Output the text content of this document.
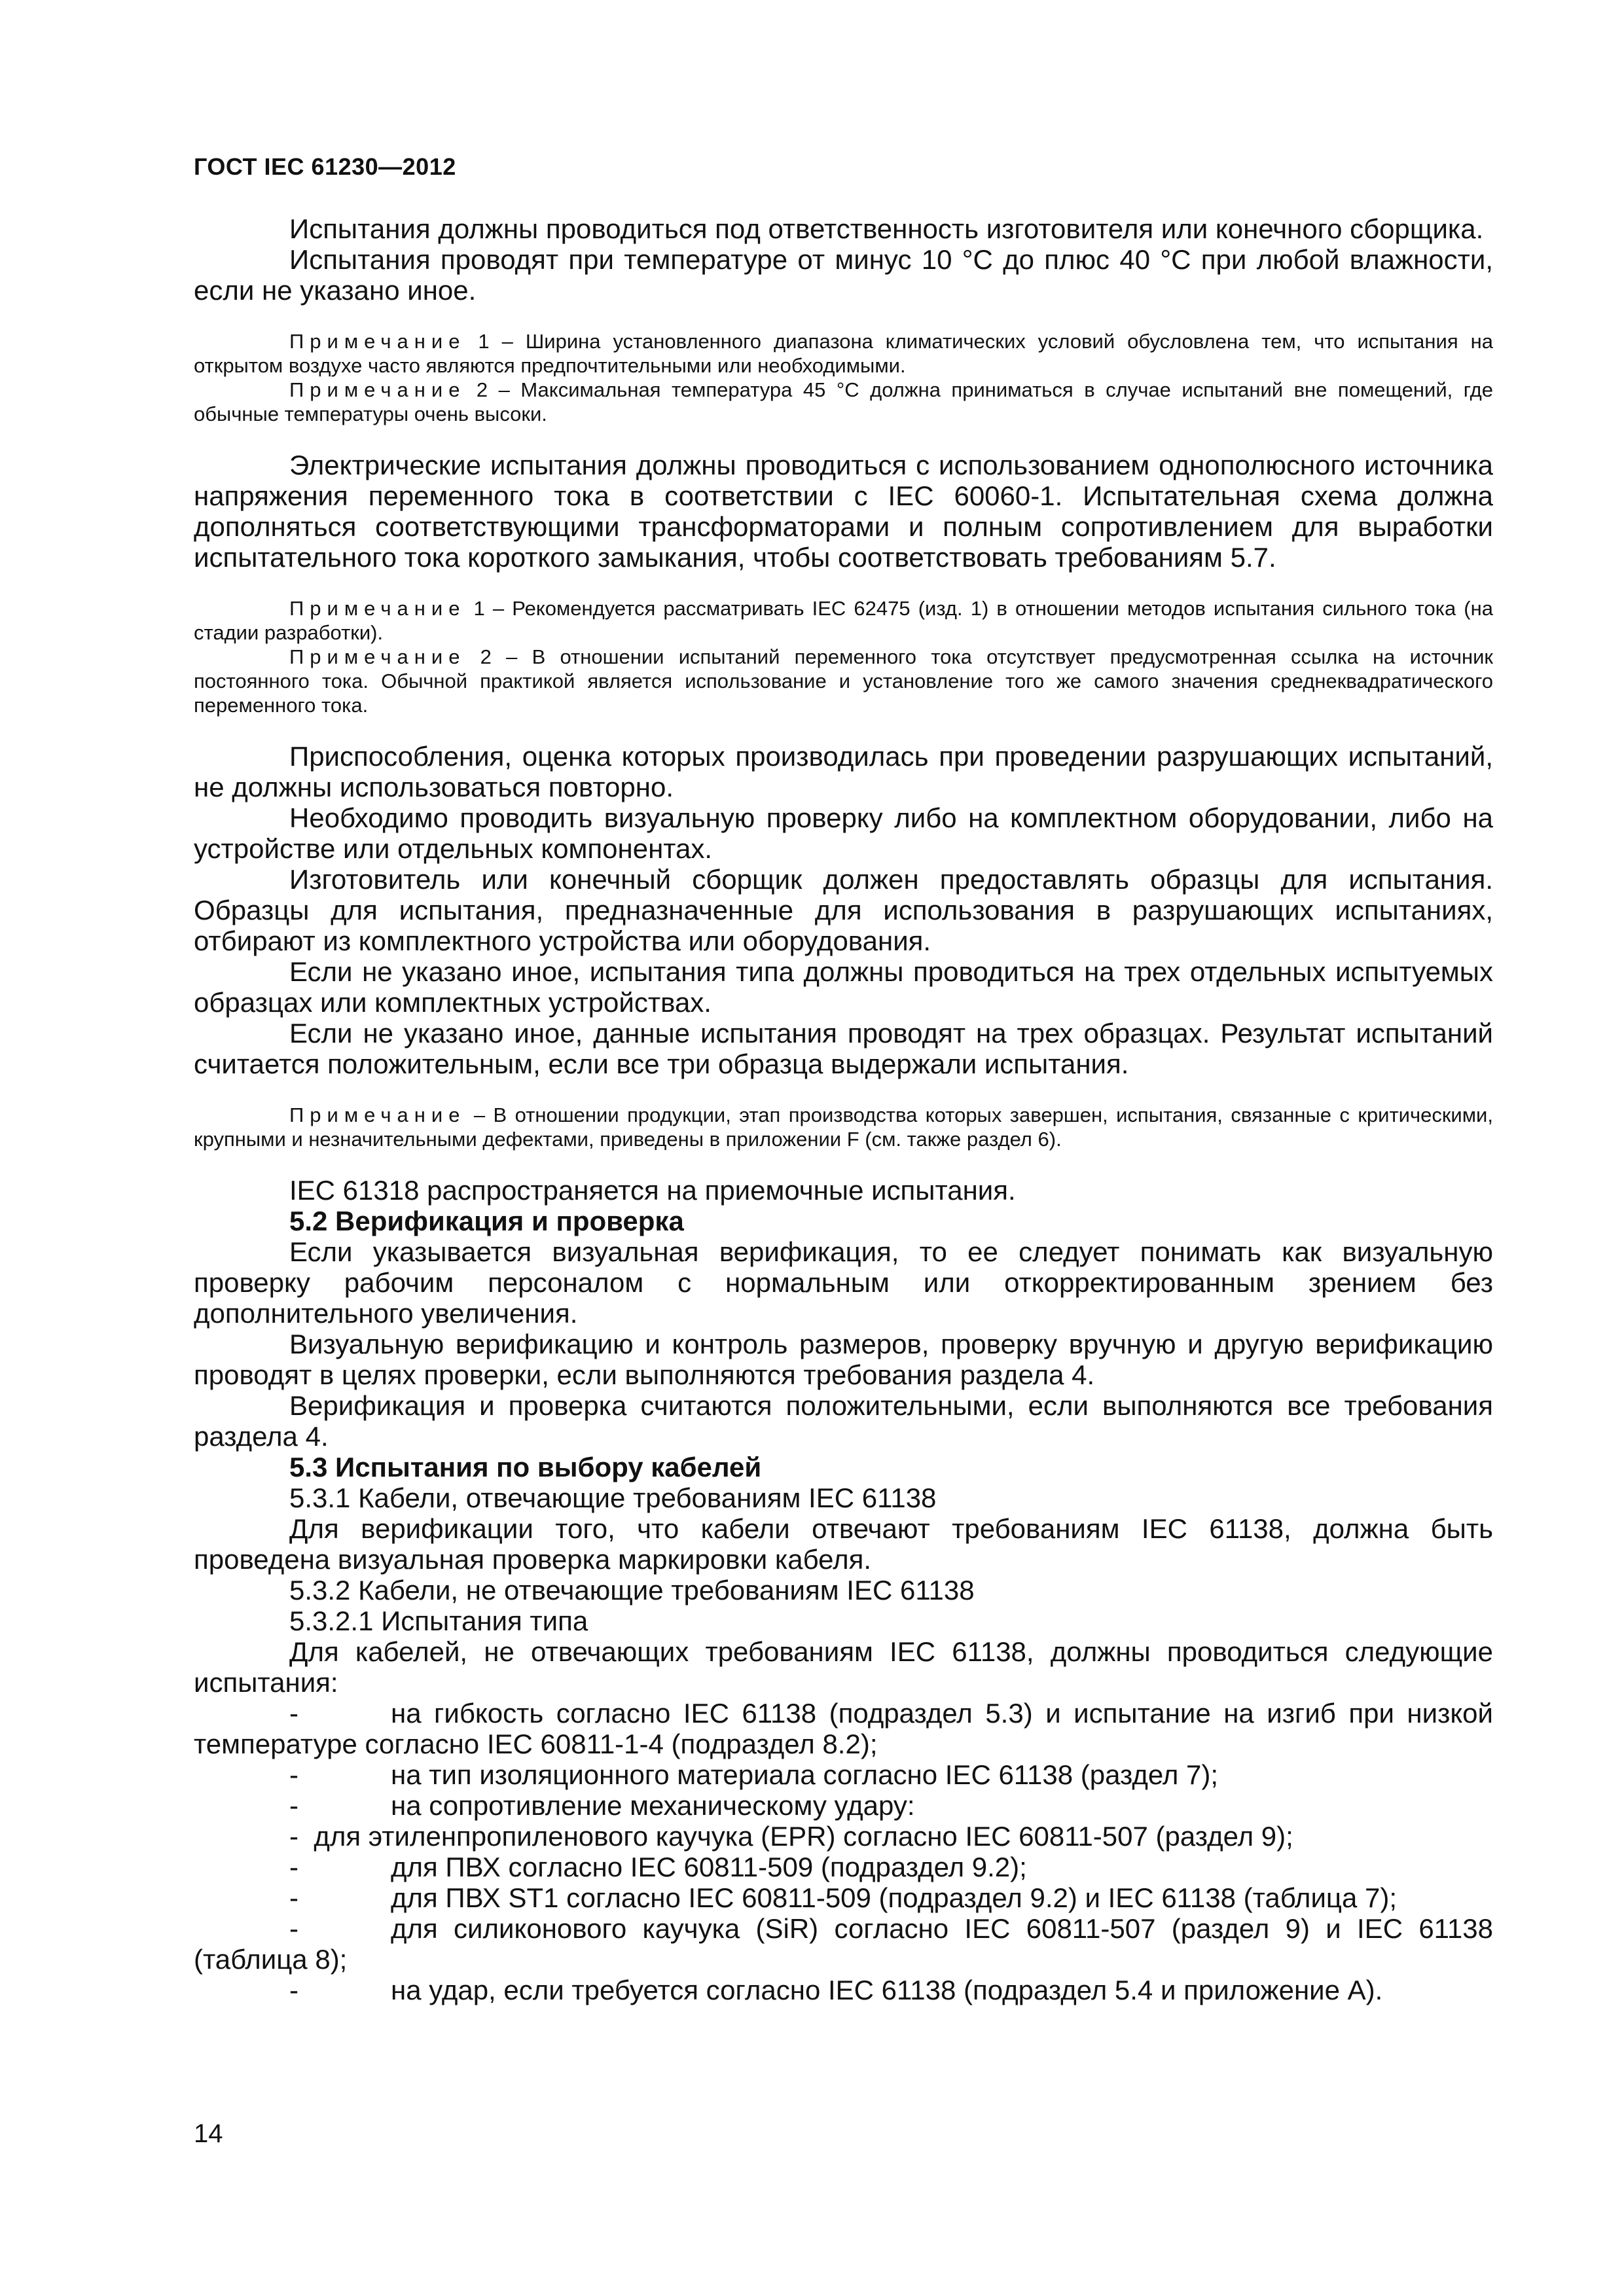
ГОСТ IEC 61230—2012

Испытания должны проводиться под ответственность изготовителя или конечного сборщика.

Испытания проводят при температуре от минус 10 °С до плюс 40 °С при любой влажности, если не указано иное.

Примечание 1 – Ширина установленного диапазона климатических условий обусловлена тем, что испытания на открытом воздухе часто являются предпочтительными или необходимыми.

Примечание 2 – Максимальная температура 45 °С должна приниматься в случае испытаний вне помещений, где обычные температуры очень высоки.

Электрические испытания должны проводиться с использованием однополюсного источника напряжения переменного тока в соответствии с IEC 60060-1. Испытательная схема должна дополняться соответствующими трансформаторами и полным сопротивлением для выработки испытательного тока короткого замыкания, чтобы соответствовать требованиям 5.7.

Примечание 1 – Рекомендуется рассматривать IEC 62475 (изд. 1) в отношении методов испытания сильного тока (на стадии разработки).

Примечание 2 – В отношении испытаний переменного тока отсутствует предусмотренная ссылка на источник постоянного тока. Обычной практикой является использование и установление того же самого значения среднеквадратического переменного тока.

Приспособления, оценка которых производилась при проведении разрушающих испытаний, не должны использоваться повторно.

Необходимо проводить визуальную проверку либо на комплектном оборудовании, либо на устройстве или отдельных компонентах.

Изготовитель или конечный сборщик должен предоставлять образцы для испытания. Образцы для испытания, предназначенные для использования в разрушающих испытаниях, отбирают из комплектного устройства или оборудования.

Если не указано иное, испытания типа должны проводиться на трех отдельных испытуемых образцах или комплектных устройствах.

Если не указано иное, данные испытания проводят на трех образцах. Результат испытаний считается положительным, если все три образца выдержали испытания.

Примечание – В отношении продукции, этап производства которых завершен, испытания, связанные с критическими, крупными и незначительными дефектами, приведены в приложении F (см. также раздел 6).

IEC 61318 распространяется на приемочные испытания.

5.2 Верификация и проверка

Если указывается визуальная верификация, то ее следует понимать как визуальную проверку рабочим персоналом с нормальным или откорректированным зрением без дополнительного увеличения.

Визуальную верификацию и контроль размеров, проверку вручную и другую верификацию проводят в целях проверки, если выполняются требования раздела 4.

Верификация и проверка считаются положительными, если выполняются все требования раздела 4.

5.3 Испытания по выбору кабелей

5.3.1 Кабели, отвечающие требованиям IEC 61138

Для верификации того, что кабели отвечают требованиям IEC 61138, должна быть проведена визуальная проверка маркировки кабеля.

5.3.2 Кабели, не отвечающие требованиям IEC 61138

5.3.2.1 Испытания типа

Для кабелей, не отвечающих требованиям IEC 61138, должны проводиться следующие испытания:

-	на гибкость согласно IEC 61138 (подраздел 5.3) и испытание на изгиб при низкой температуре согласно IEC 60811-1-4 (подраздел 8.2);

-	на тип изоляционного материала согласно IEC 61138 (раздел 7);

-	на сопротивление механическому удару:

- для этиленпропиленового каучука (EPR) согласно IEC 60811-507 (раздел 9);

-	для ПВХ согласно IEC 60811-509 (подраздел 9.2);

-	для ПВХ ST1 согласно IEC 60811-509 (подраздел 9.2) и IEC 61138 (таблица 7);

-	для силиконового каучука (SiR) согласно IEC 60811-507 (раздел 9) и IEC 61138 (таблица 8);

-	на удар, если требуется согласно IEC 61138 (подраздел 5.4 и приложение А).

14
